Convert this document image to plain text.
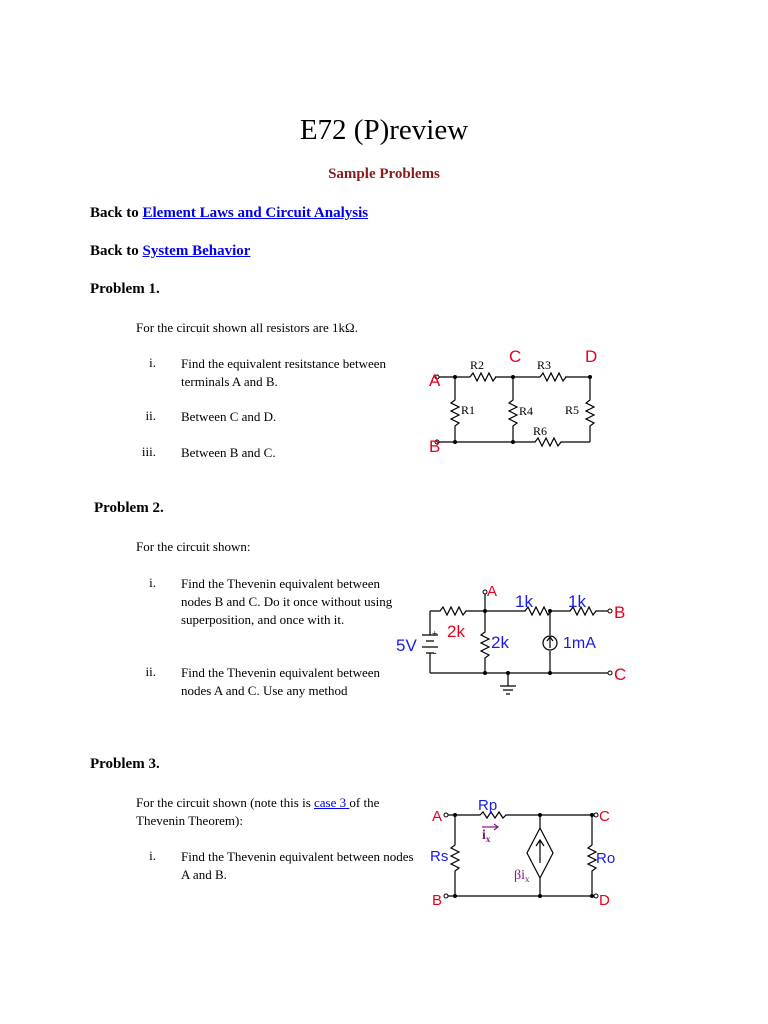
E72 (P)review
Sample Problems
Back to Element Laws and Circuit Analysis
Back to System Behavior
Problem 1.
For the circuit shown all resistors are 1kΩ.
i. Find the equivalent resitstance between terminals A and B.
ii. Between C and D.
iii. Between B and C.
A
B
C	D
R2	R3
R1	R4	R5
R6
Problem 2.
For the circuit shown:
i. Find the Thevenin equivalent between nodes B and C. Do it once without using superposition, and once with it.
ii. Find the Thevenin equivalent between nodes A and C. Use any method
A
B
C
5V
+
-
2k
2k
1k 1k
1mA
Problem 3.
For the circuit shown (note this is case 3 of the Thevenin Theorem):
i. Find the Thevenin equivalent between nodes A and B.
A
B
C
D
Rp
Rs	Ro
$i_x$
$\beta i_x$
